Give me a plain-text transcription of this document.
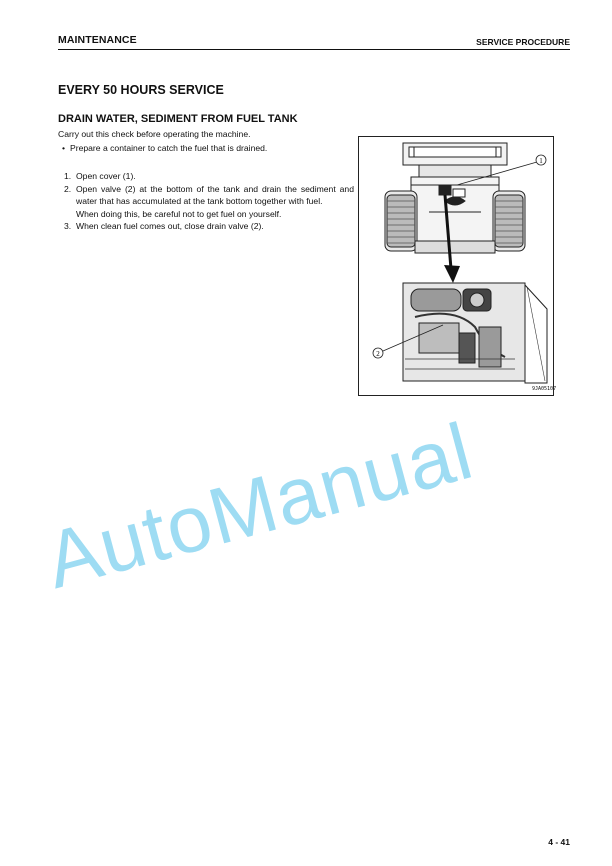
MAINTENANCE	SERVICE PROCEDURE
EVERY 50 HOURS SERVICE
DRAIN WATER, SEDIMENT FROM FUEL TANK
Carry out this check before operating the machine.
• Prepare a container to catch the fuel that is drained.
1. Open cover (1).
2. Open valve (2) at the bottom of the tank and drain the sediment and water that has accumulated at the tank bottom together with fuel.
When doing this, be careful not to get fuel on yourself.
3. When clean fuel comes out, close drain valve (2).
1
2
9JA05107
AutoManual
4 - 41
